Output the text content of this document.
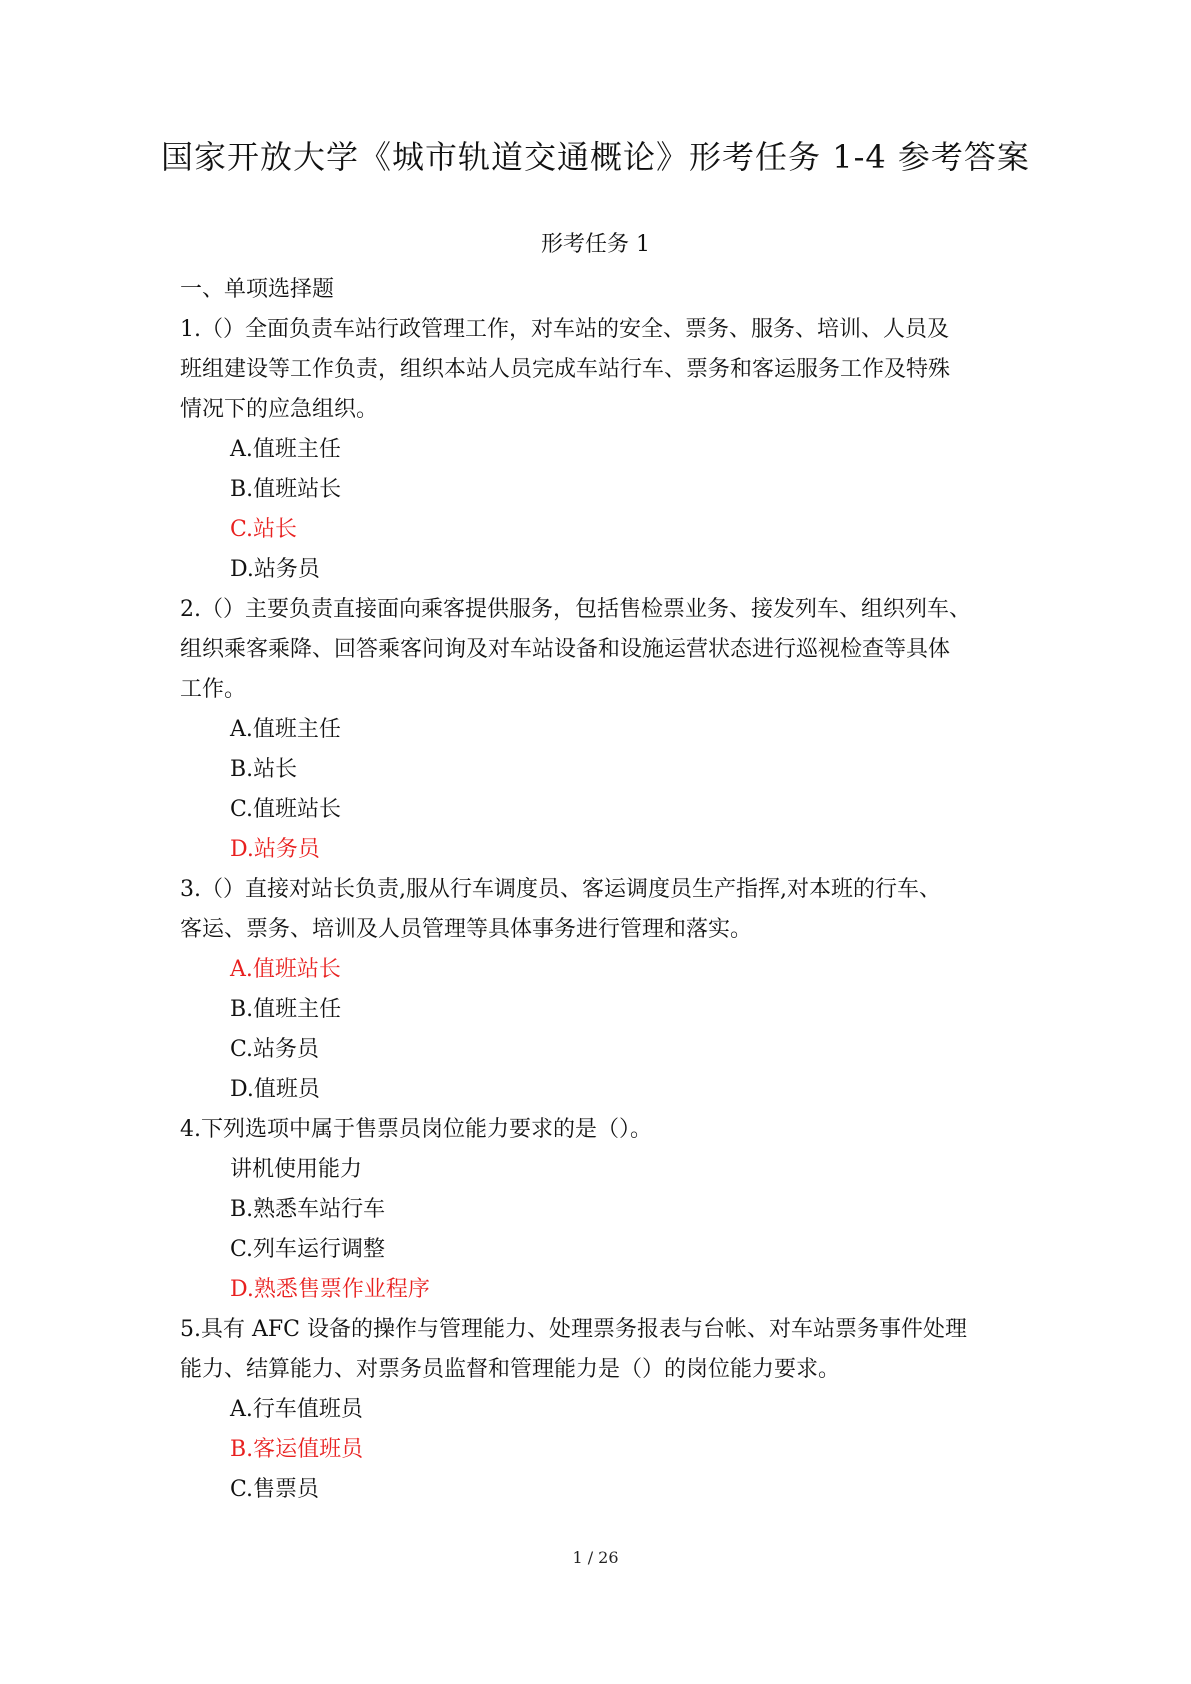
国家开放大学《城市轨道交通概论》形考任务 1-4 参考答案
形考任务 1
一、单项选择题
1.（）全面负责车站行政管理工作，对车站的安全、票务、服务、培训、人员及
班组建设等工作负责，组织本站人员完成车站行车、票务和客运服务工作及特殊
情况下的应急组织。
A.值班主任
B.值班站长
C.站长
D.站务员
2.（）主要负责直接面向乘客提供服务，包括售检票业务、接发列车、组织列车、
组织乘客乘降、回答乘客问询及对车站设备和设施运营状态进行巡视检查等具体
工作。
A.值班主任
B.站长
C.值班站长
D.站务员
3.（）直接对站长负责,服从行车调度员、客运调度员生产指挥,对本班的行车、
客运、票务、培训及人员管理等具体事务进行管理和落实。
A.值班站长
B.值班主任
C.站务员
D.值班员
4.下列选项中属于售票员岗位能力要求的是（）。
讲机使用能力
B.熟悉车站行车
C.列车运行调整
D.熟悉售票作业程序
5.具有 AFC 设备的操作与管理能力、处理票务报表与台帐、对车站票务事件处理
能力、结算能力、对票务员监督和管理能力是（）的岗位能力要求。
A.行车值班员
B.客运值班员
C.售票员
1 / 26
